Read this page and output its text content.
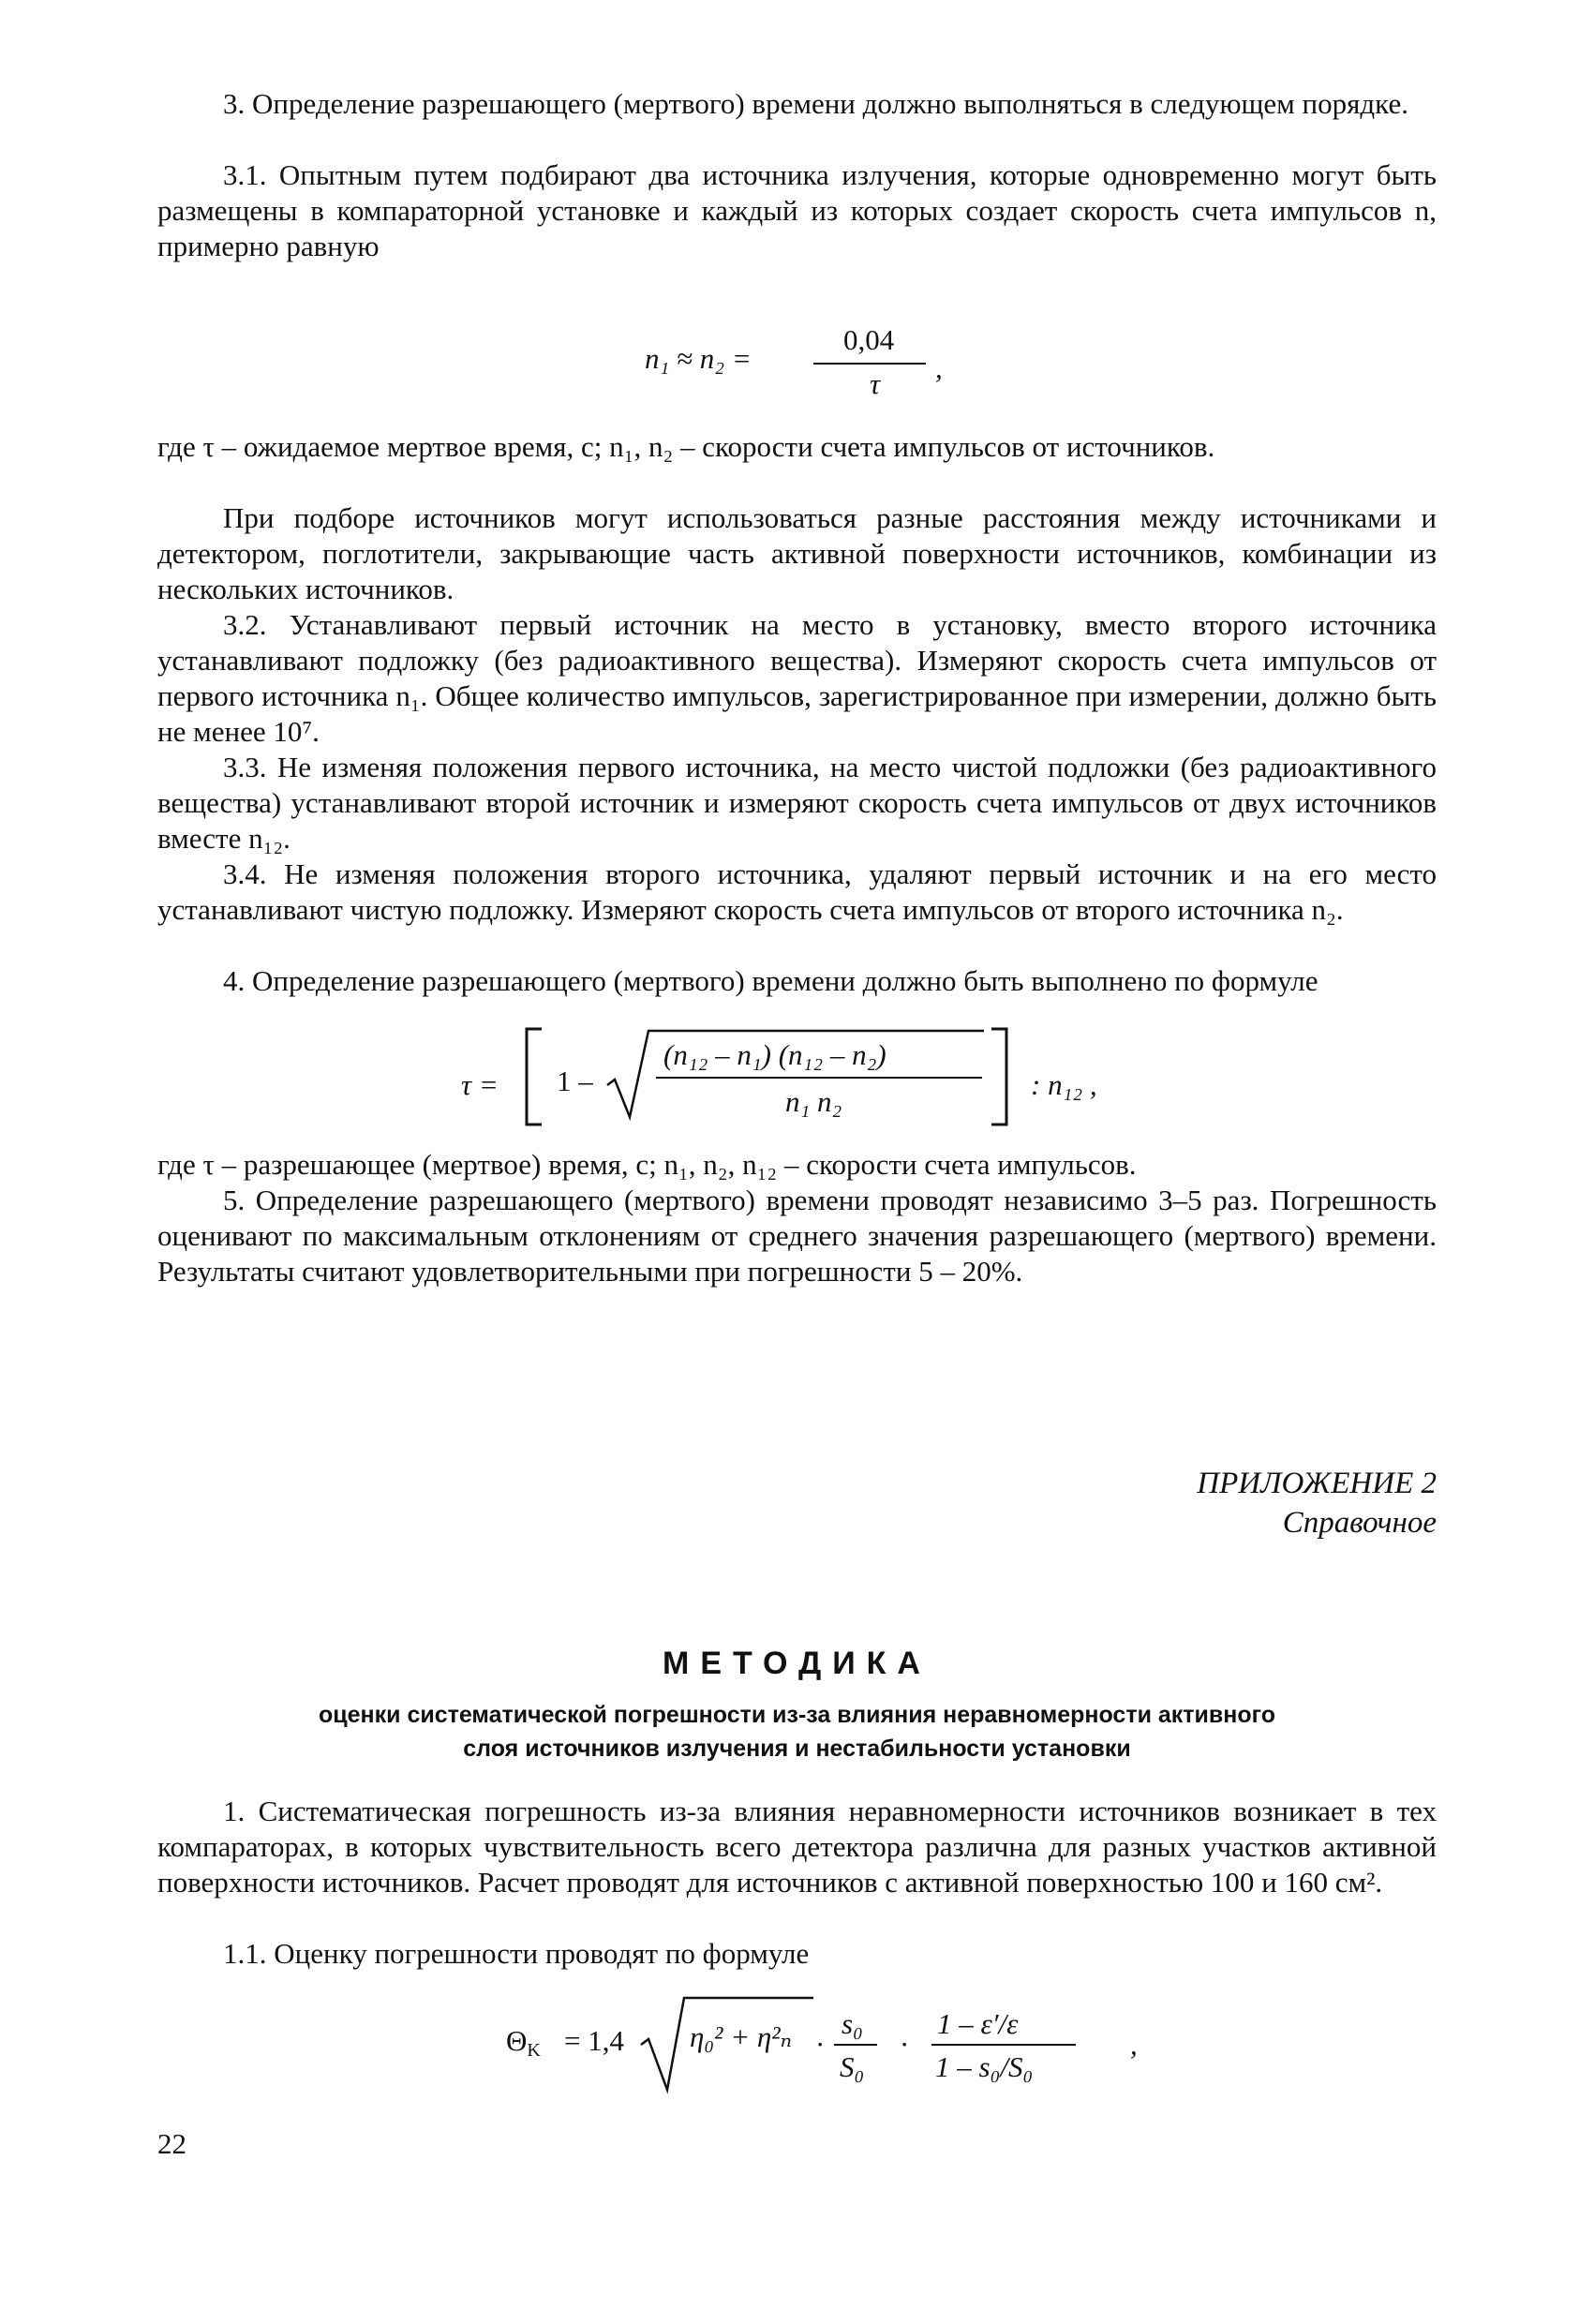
3. Определение разрешающего (мертвого) времени должно выполняться в следующем порядке.

3.1. Опытным путем подбирают два источника излучения, которые одновременно могут быть размещены в компараторной установке и каждый из которых создает скорость счета импульсов n, примерно равную

n₁ ≈ n₂ =
0,04
τ ,

где τ – ожидаемое мертвое время, с; n₁, n₂ – скорости счета импульсов от источников.

При подборе источников могут использоваться разные расстояния между источниками и детектором, поглотители, закрывающие часть активной поверхности источников, комбинации из нескольких источников.

3.2. Устанавливают первый источник на место в установку, вместо второго источника устанавливают подложку (без радиоактивного вещества). Измеряют скорость счета импульсов от первого источника n₁. Общее количество импульсов, зарегистрированное при измерении, должно быть не менее 10⁷.

3.3. Не изменяя положения первого источника, на место чистой подложки (без радиоактивного вещества) устанавливают второй источник и измеряют скорость счета импульсов от двух источников вместе n₁₂.

3.4. Не изменяя положения второго источника, удаляют первый источник и на его место устанавливают чистую подложку. Измеряют скорость счета импульсов от второго источника n₂.

4. Определение разрешающего (мертвого) времени должно быть выполнено по формуле

τ = 1 –
(n₁₂ – n₁) (n₁₂ – n₂)
n₁ n₂
: n₁₂ ,

где τ – разрешающее (мертвое) время, с; n₁, n₂, n₁₂ – скорости счета импульсов.

5. Определение разрешающего (мертвого) времени проводят независимо 3–5 раз. Погрешность оценивают по максимальным отклонениям от среднего значения разрешающего (мертвого) времени. Результаты считают удовлетворительными при погрешности 5 – 20%.

ПРИЛОЖЕНИЕ 2
Справочное
МЕТОДИКА
оценки систематической погрешности из-за влияния неравномерности активного
слоя источников излучения и нестабильности установки

1. Систематическая погрешность из-за влияния неравномерности источников возникает в тех компараторах, в которых чувствительность всего детектора различна для разных участков активной поверхности источников. Расчет проводят для источников с активной поверхностью 100 и 160 см².

1.1. Оценку погрешности проводят по формуле

$\Theta_K = 1,4$ η₀² + η²ₙ ·
s₀
S₀
·
1 – ε′/ε
1 – s₀/S₀
,
22
